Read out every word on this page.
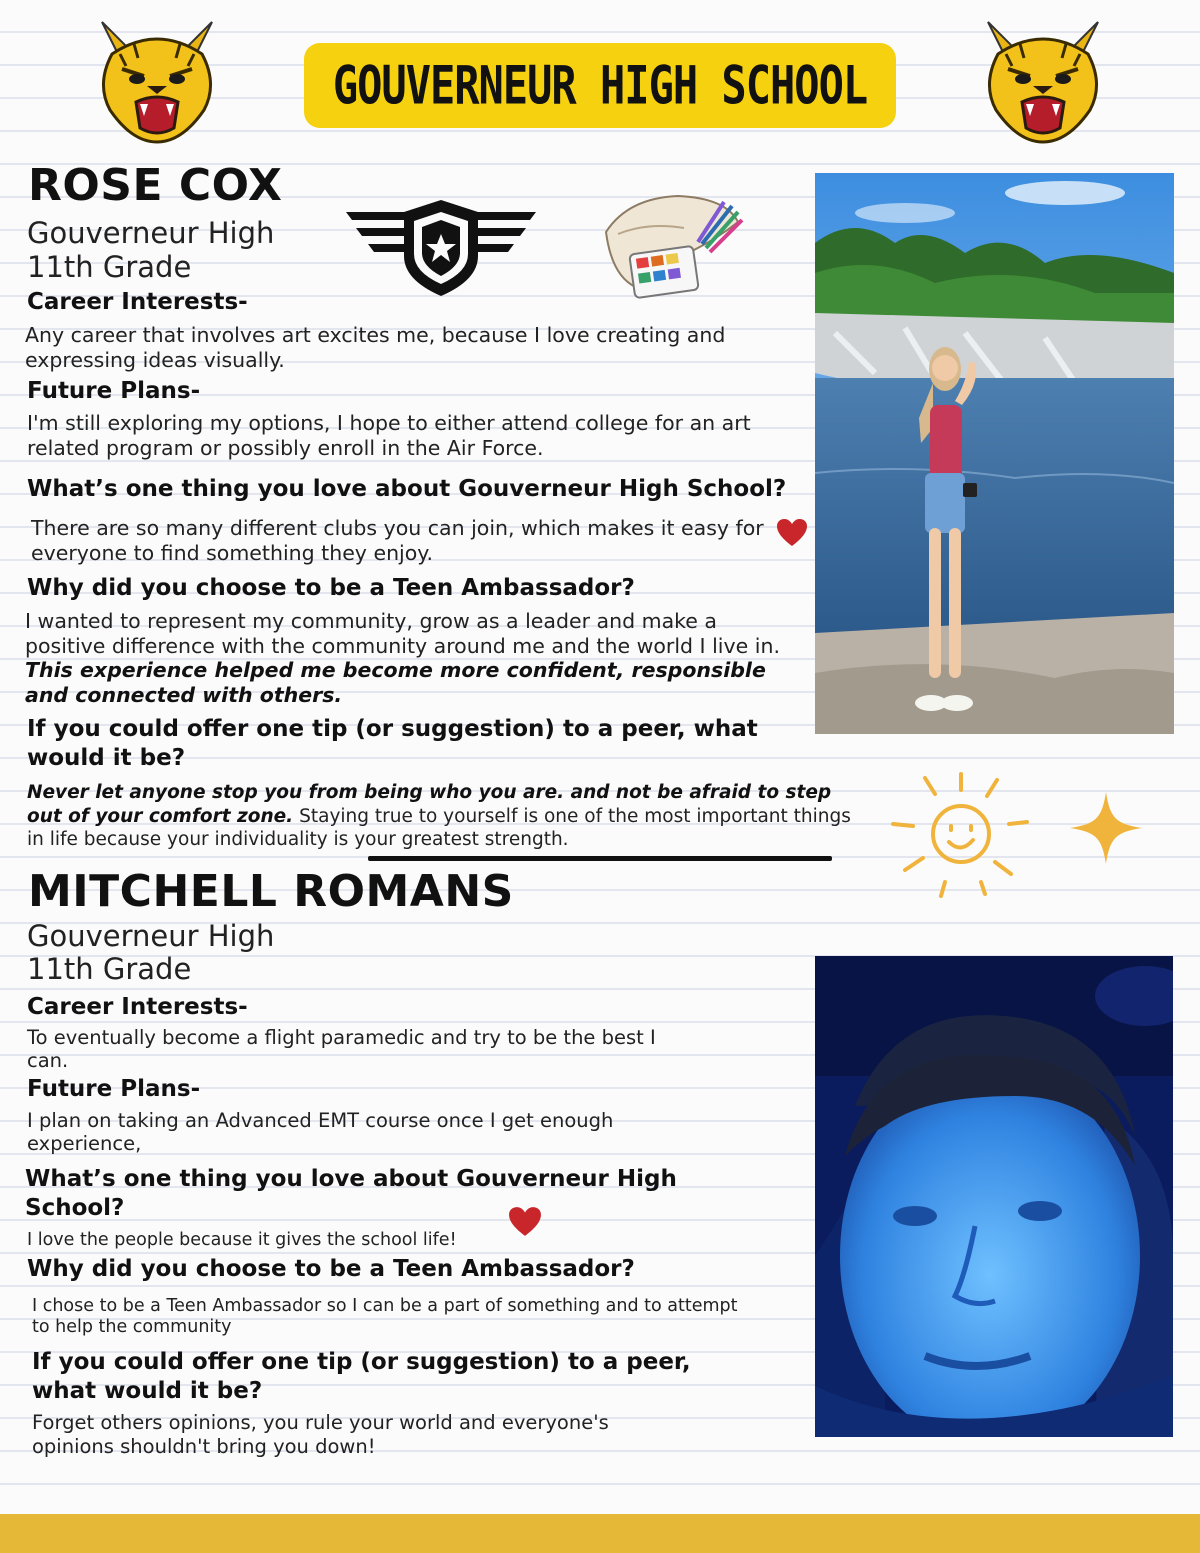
GOUVERNEUR HIGH SCHOOL
ROSE COX
Gouverneur High
11th Grade
Career Interests-
Any career that involves art excites me, because I love creating and expressing ideas visually.
Future Plans-
I'm still exploring my options, I hope to either attend college for an art related program or possibly enroll in the Air Force.
What’s one thing you love about Gouverneur High School?
There are so many different clubs you can join, which makes it easy for everyone to find something they enjoy.
Why did you choose to be a Teen Ambassador?
I wanted to represent my community, grow as a leader and make a positive difference with the community around me and the world I live in. This experience helped me become more confident, responsible and connected with others.
If you could offer one tip (or suggestion) to a peer, what would it be?
Never let anyone stop you from being who you are. and not be afraid to step out of your comfort zone. Staying true to yourself is one of the most important things in life because your individuality is your greatest strength.
MITCHELL ROMANS
Gouverneur High
11th Grade
Career Interests-
To eventually become a flight paramedic and try to be the best I can.
Future Plans-
I plan on taking an Advanced EMT course once I get enough experience,
What’s one thing you love about Gouverneur High School?
I love the people because it gives the school life!
Why did you choose to be a Teen Ambassador?
I chose to be a Teen Ambassador so I can be a part of something and to attempt to help the community
If you could offer one tip (or suggestion) to a peer, what would it be?
Forget others opinions, you rule your world and everyone's opinions shouldn't bring you down!
